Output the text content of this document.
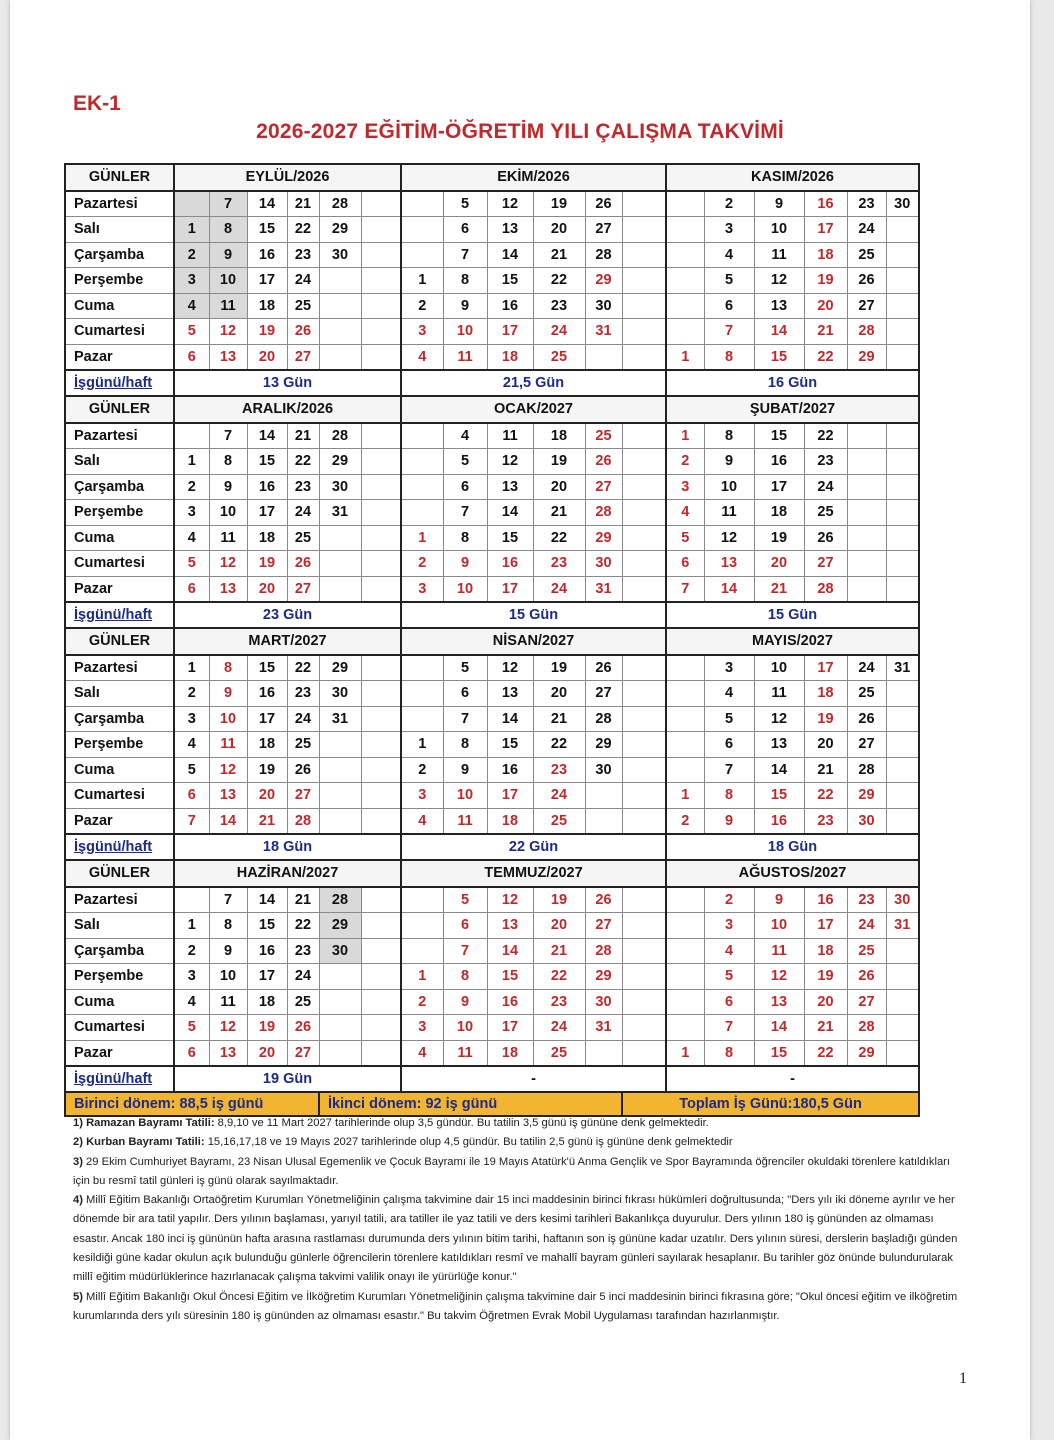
EK-1
2026-2027 EĞİTİM-ÖĞRETİM YILI ÇALIŞMA TAKVİMİ
GÜNLER	EYLÜL/2026						EKİM/2026						KASIM/2026					
Pazartesi		7	14	21	28			5	12	19	26			2	9	16	23	30
Salı	1	8	15	22	29			6	13	20	27			3	10	17	24	
Çarşamba	2	9	16	23	30			7	14	21	28			4	11	18	25	
Perşembe	3	10	17	24			1	8	15	22	29			5	12	19	26	
Cuma	4	11	18	25			2	9	16	23	30			6	13	20	27	
Cumartesi	5	12	19	26			3	10	17	24	31			7	14	21	28	
Pazar	6	13	20	27			4	11	18	25			1	8	15	22	29	
İşgünü/haft	13 Gün						21,5 Gün						16 Gün					
GÜNLER	ARALIK/2026						OCAK/2027						ŞUBAT/2027					
Pazartesi		7	14	21	28			4	11	18	25		1	8	15	22		
Salı	1	8	15	22	29			5	12	19	26		2	9	16	23		
Çarşamba	2	9	16	23	30			6	13	20	27		3	10	17	24		
Perşembe	3	10	17	24	31			7	14	21	28		4	11	18	25		
Cuma	4	11	18	25			1	8	15	22	29		5	12	19	26		
Cumartesi	5	12	19	26			2	9	16	23	30		6	13	20	27		
Pazar	6	13	20	27			3	10	17	24	31		7	14	21	28		
İşgünü/haft	23 Gün						15 Gün						15 Gün					
GÜNLER	MART/2027						NİSAN/2027						MAYIS/2027					
Pazartesi	1	8	15	22	29			5	12	19	26			3	10	17	24	31
Salı	2	9	16	23	30			6	13	20	27			4	11	18	25	
Çarşamba	3	10	17	24	31			7	14	21	28			5	12	19	26	
Perşembe	4	11	18	25			1	8	15	22	29			6	13	20	27	
Cuma	5	12	19	26			2	9	16	23	30			7	14	21	28	
Cumartesi	6	13	20	27			3	10	17	24			1	8	15	22	29	
Pazar	7	14	21	28			4	11	18	25			2	9	16	23	30	
İşgünü/haft	18 Gün						22 Gün						18 Gün					
GÜNLER	HAZİRAN/2027						TEMMUZ/2027						AĞUSTOS/2027					
Pazartesi		7	14	21	28			5	12	19	26			2	9	16	23	30
Salı	1	8	15	22	29			6	13	20	27			3	10	17	24	31
Çarşamba	2	9	16	23	30			7	14	21	28			4	11	18	25	
Perşembe	3	10	17	24			1	8	15	22	29			5	12	19	26	
Cuma	4	11	18	25			2	9	16	23	30			6	13	20	27	
Cumartesi	5	12	19	26			3	10	17	24	31			7	14	21	28	
Pazar	6	13	20	27			4	11	18	25			1	8	15	22	29	
İşgünü/haft	19 Gün						-						-					
Birinci dönem: 88,5 iş günü					İkinci dönem: 92 iş günü							Toplam İş Günü:180,5 Gün						

1) Ramazan Bayramı Tatili: 8,9,10 ve 11 Mart 2027 tarihlerinde olup 3,5 gündür. Bu tatilin 3,5 günü iş gününe denk gelmektedir.

2) Kurban Bayramı Tatili: 15,16,17,18 ve 19 Mayıs 2027 tarihlerinde olup 4,5 gündür. Bu tatilin 2,5 günü iş gününe denk gelmektedir

3) 29 Ekim Cumhuriyet Bayramı, 23 Nisan Ulusal Egemenlik ve Çocuk Bayramı ile 19 Mayıs Atatürk'ü Anma Gençlik ve Spor Bayramında öğrenciler okuldaki törenlere katıldıkları için bu resmî tatil günleri iş günü olarak sayılmaktadır.

4) Millî Eğitim Bakanlığı Ortaöğretim Kurumları Yönetmeliğinin çalışma takvimine dair 15 inci maddesinin birinci fıkrası hükümleri doğrultusunda; "Ders yılı iki döneme ayrılır ve her dönemde bir ara tatil yapılır. Ders yılının başlaması, yarıyıl tatili, ara tatiller ile yaz tatili ve ders kesimi tarihleri Bakanlıkça duyurulur. Ders yılının 180 iş gününden az olmaması esastır. Ancak 180 inci iş gününün hafta arasına rastlaması durumunda ders yılının bitim tarihi, haftanın son iş gününe kadar uzatılır. Ders yılının süresi, derslerin başladığı günden kesildiği güne kadar okulun açık bulunduğu günlerle öğrencilerin törenlere katıldıkları resmî ve mahallî bayram günleri sayılarak hesaplanır. Bu tarihler göz önünde bulundurularak millî eğitim müdürlüklerince hazırlanacak çalışma takvimi valilik onayı ile yürürlüğe konur."

5) Millî Eğitim Bakanlığı Okul Öncesi Eğitim ve İlköğretim Kurumları Yönetmeliğinin çalışma takvimine dair 5 inci maddesinin birinci fıkrasına göre; "Okul öncesi eğitim ve ilköğretim kurumlarında ders yılı süresinin 180 iş gününden az olmaması esastır." Bu takvim Öğretmen Evrak Mobil Uygulaması tarafından hazırlanmıştır.

1
